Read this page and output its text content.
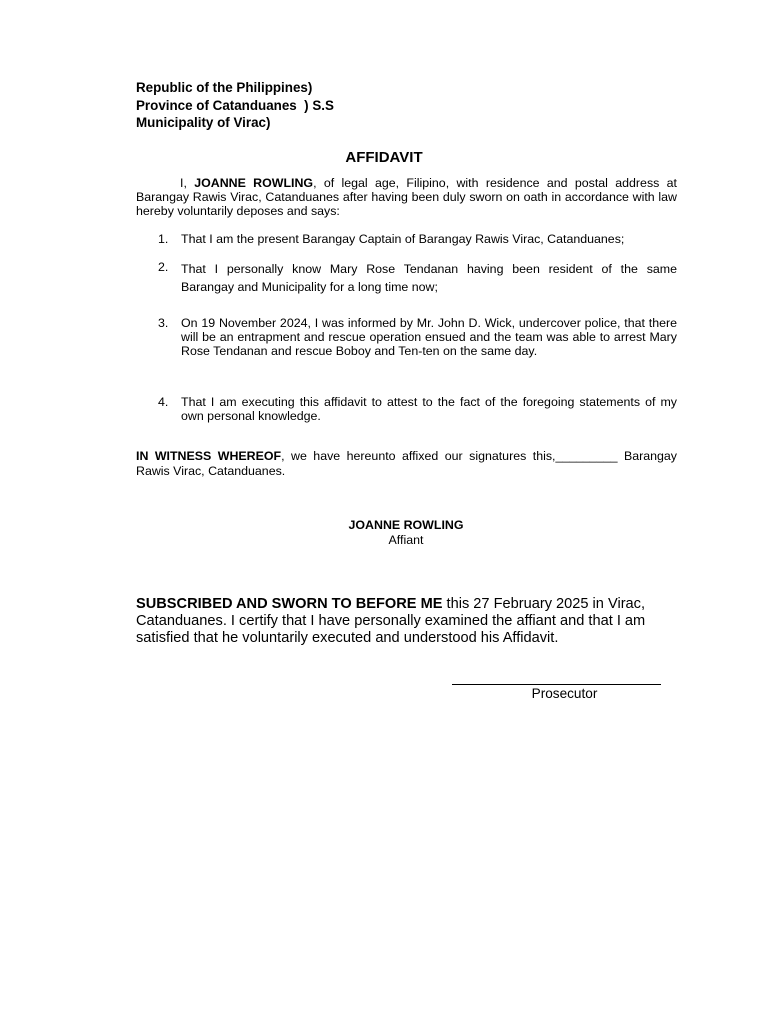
Republic of the Philippines)
Province of Catanduanes  ) S.S
Municipality of Virac)
AFFIDAVIT
I, JOANNE ROWLING, of legal age, Filipino, with residence and postal address at Barangay Rawis Virac, Catanduanes after having been duly sworn on oath in accordance with law hereby voluntarily deposes and says:
1. That I am the present Barangay Captain of Barangay Rawis Virac, Catanduanes;
2. That I personally know Mary Rose Tendanan having been resident of the same
Barangay and Municipality for a long time now;
3. On 19 November 2024, I was informed by Mr. John D. Wick, undercover police, that there will be an entrapment and rescue operation ensued and the team was able to arrest Mary Rose Tendanan and rescue Boboy and Ten-ten on the same day.
4. That I am executing this affidavit to attest to the fact of the foregoing statements of my own personal knowledge.
IN WITNESS WHEREOF, we have hereunto affixed our signatures this,_________ Barangay Rawis Virac, Catanduanes.
JOANNE ROWLING
Affiant
SUBSCRIBED AND SWORN TO BEFORE ME this 27 February 2025 in Virac, Catanduanes. I certify that I have personally examined the affiant and that I am satisfied that he voluntarily executed and understood his Affidavit.
Prosecutor
